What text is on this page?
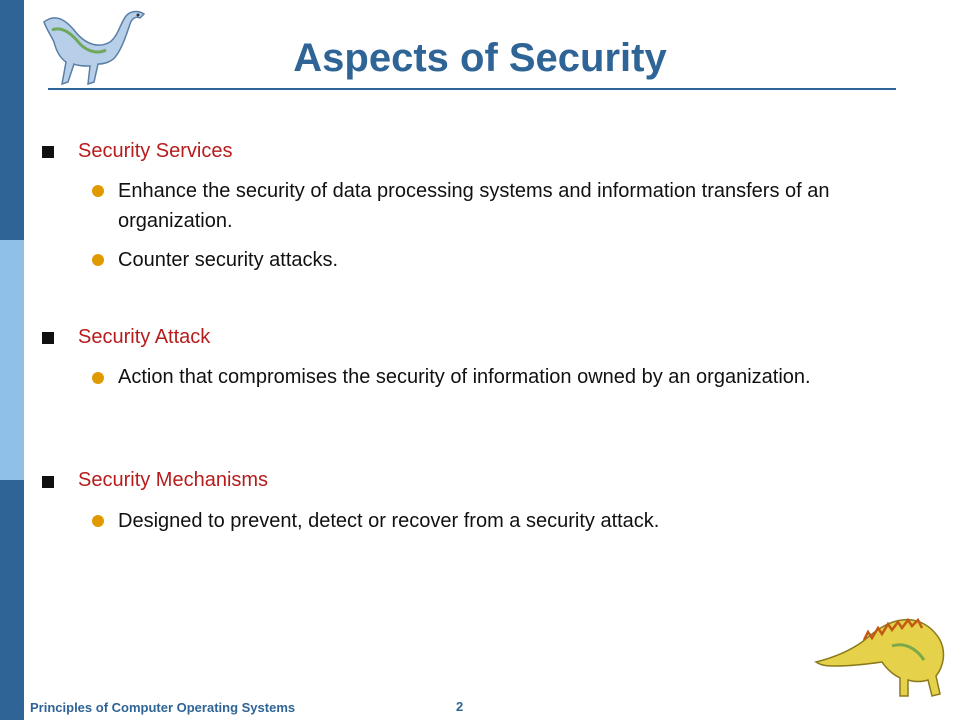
Aspects of Security
Security Services
Enhance the security of data processing systems and information transfers of an organization.
Counter security attacks.
Security Attack
Action that compromises the security of information owned by an organization.
Security Mechanisms
Designed to prevent, detect or recover from a security attack.
Principles of Computer Operating Systems	2
